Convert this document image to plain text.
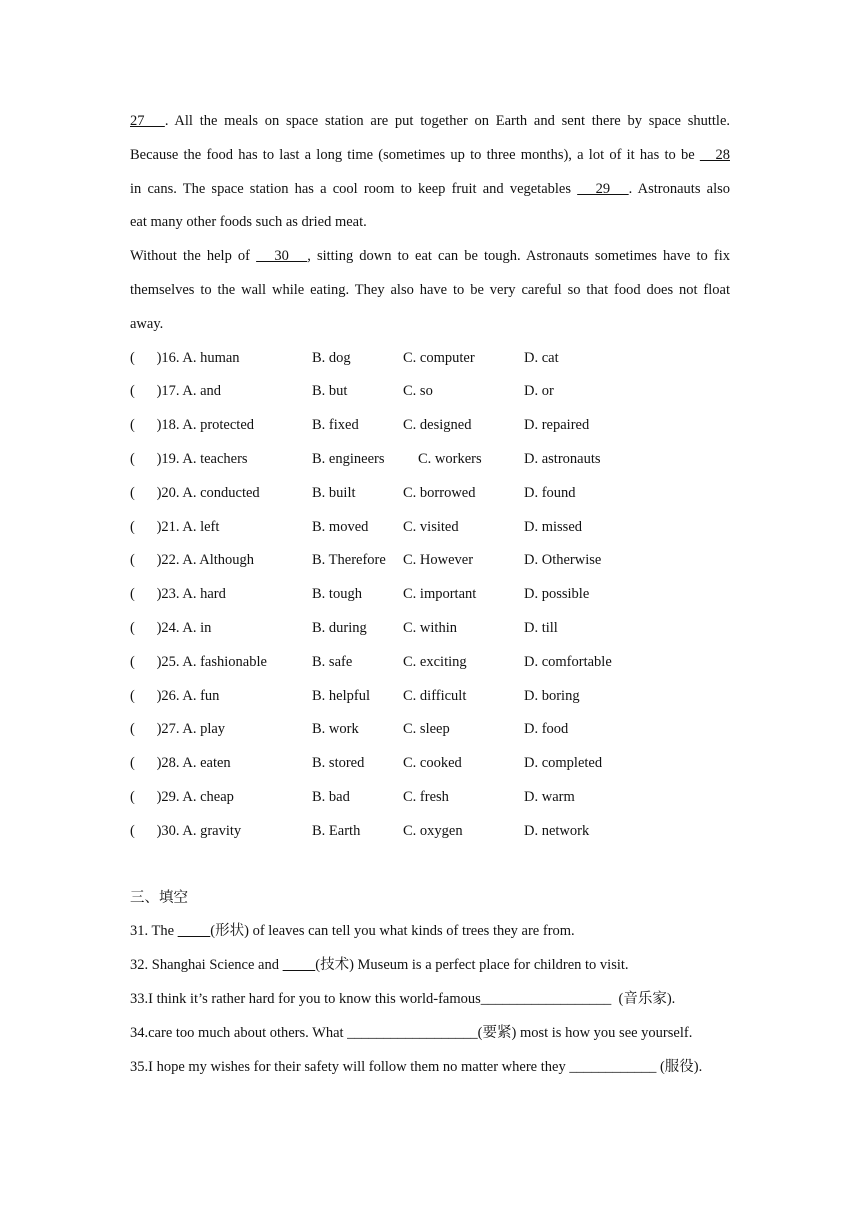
27   . All the meals on space station are put together on Earth and sent there by space shuttle.
Because the food has to last a long time (sometimes up to three months), a lot of it has to be    28
in cans. The space station has a cool room to keep fruit and vegetables    29   . Astronauts also
eat many other foods such as dried meat.
Without the help of    30   , sitting down to eat can be tough. Astronauts sometimes have to fix
themselves to the wall while eating. They also have to be very careful so that food does not float
away.
(      )16. A. human	B. dog	C. computer	D. cat
(      )17. A. and	B. but	C. so	D. or
(      )18. A. protected	B. fixed	C. designed	D. repaired
(      )19. A. teachers	B. engineers C. workers	D. astronauts
(      )20. A. conducted	B. built	C. borrowed	D. found
(      )21. A. left	B. moved C. visited	D. missed
(      )22. A. Although	B. Therefore C. However	D. Otherwise
(      )23. A. hard	B. tough	C. important	D. possible
(      )24. A. in	B. during C. within	D. till
(      )25. A. fashionable	B. safe	C. exciting	D. comfortable
(      )26. A. fun	B. helpful C. difficult	D. boring
(      )27. A. play	B. work	C. sleep	D. food
(      )28. A. eaten	B. stored	C. cooked	D. completed
(      )29. A. cheap	B. bad	C. fresh	D. warm
(      )30. A. gravity	B. Earth	C. oxygen	D. network
三、填空
31. The          (形状) of leaves can tell you what kinds of trees they are from.
32. Shanghai Science and          (技术) Museum is a perfect place for children to visit.
33.I think it’s rather hard for you to know this world-famous__________________  (音乐家).
34.care too much about others. What __________________(要紧) most is how you see yourself.
35.I hope my wishes for their safety will follow them no matter where they ____________ (服役).
